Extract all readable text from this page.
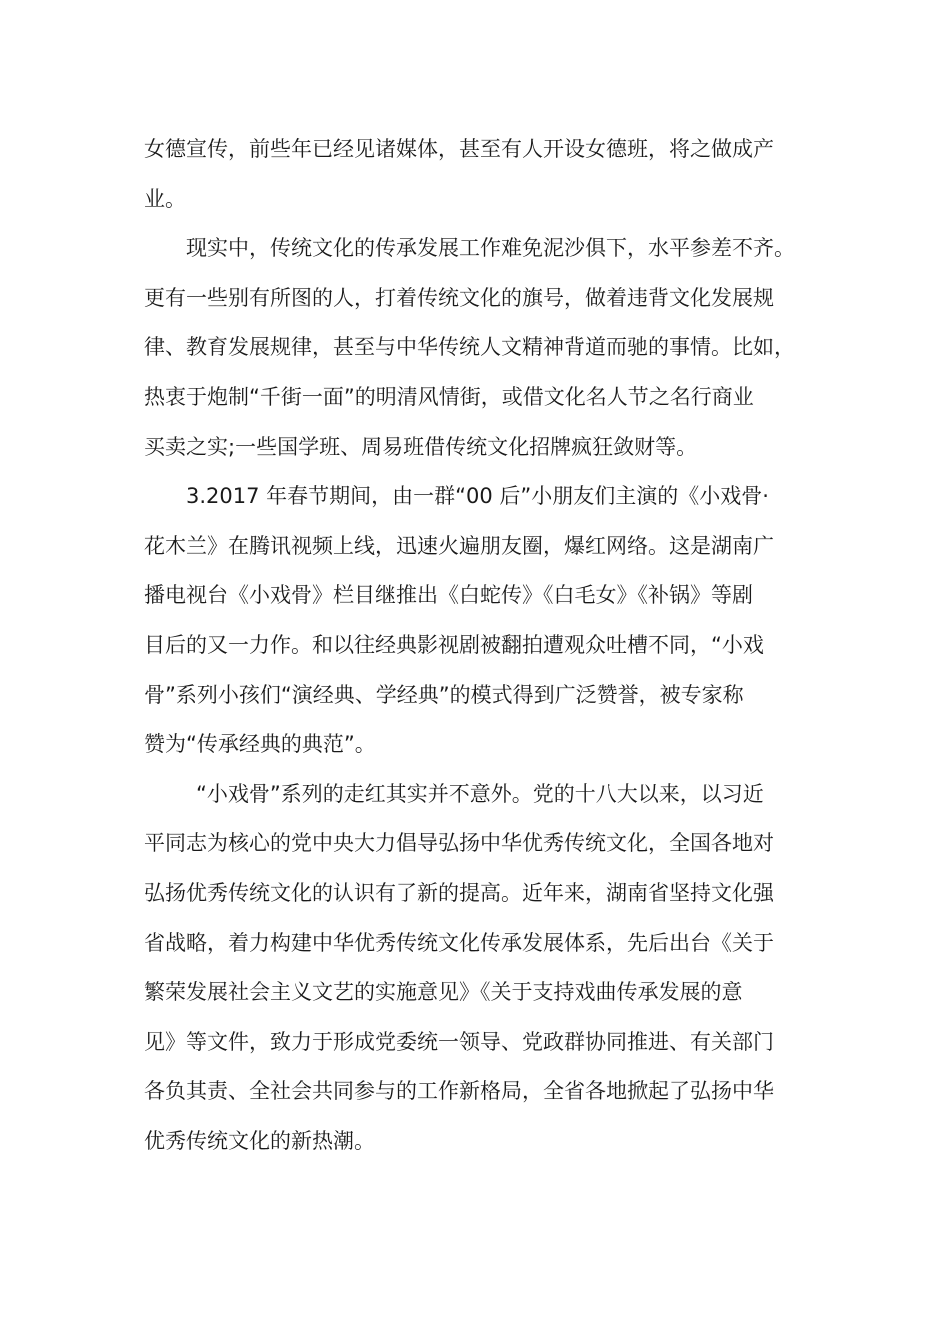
女德宣传，前些年已经见诸媒体，甚至有人开设女德班，将之做成产
业。

现实中，传统文化的传承发展工作难免泥沙俱下，水平参差不齐。
更有一些别有所图的人，打着传统文化的旗号，做着违背文化发展规
律、教育发展规律，甚至与中华传统人文精神背道而驰的事情。比如，
热衷于炮制“千街一面”的明清风情街，或借文化名人节之名行商业
买卖之实;一些国学班、周易班借传统文化招牌疯狂敛财等。

3.2017 年春节期间，由一群“00 后”小朋友们主演的《小戏骨·
花木兰》在腾讯视频上线，迅速火遍朋友圈，爆红网络。这是湖南广
播电视台《小戏骨》栏目继推出《白蛇传》《白毛女》《补锅》等剧
目后的又一力作。和以往经典影视剧被翻拍遭观众吐槽不同，“小戏
骨”系列小孩们“演经典、学经典”的模式得到广泛赞誉，被专家称
赞为“传承经典的典范”。

“小戏骨”系列的走红其实并不意外。党的十八大以来，以习近
平同志为核心的党中央大力倡导弘扬中华优秀传统文化，全国各地对
弘扬优秀传统文化的认识有了新的提高。近年来，湖南省坚持文化强
省战略，着力构建中华优秀传统文化传承发展体系，先后出台《关于
繁荣发展社会主义文艺的实施意见》《关于支持戏曲传承发展的意
见》等文件，致力于形成党委统一领导、党政群协同推进、有关部门
各负其责、全社会共同参与的工作新格局，全省各地掀起了弘扬中华
优秀传统文化的新热潮。
